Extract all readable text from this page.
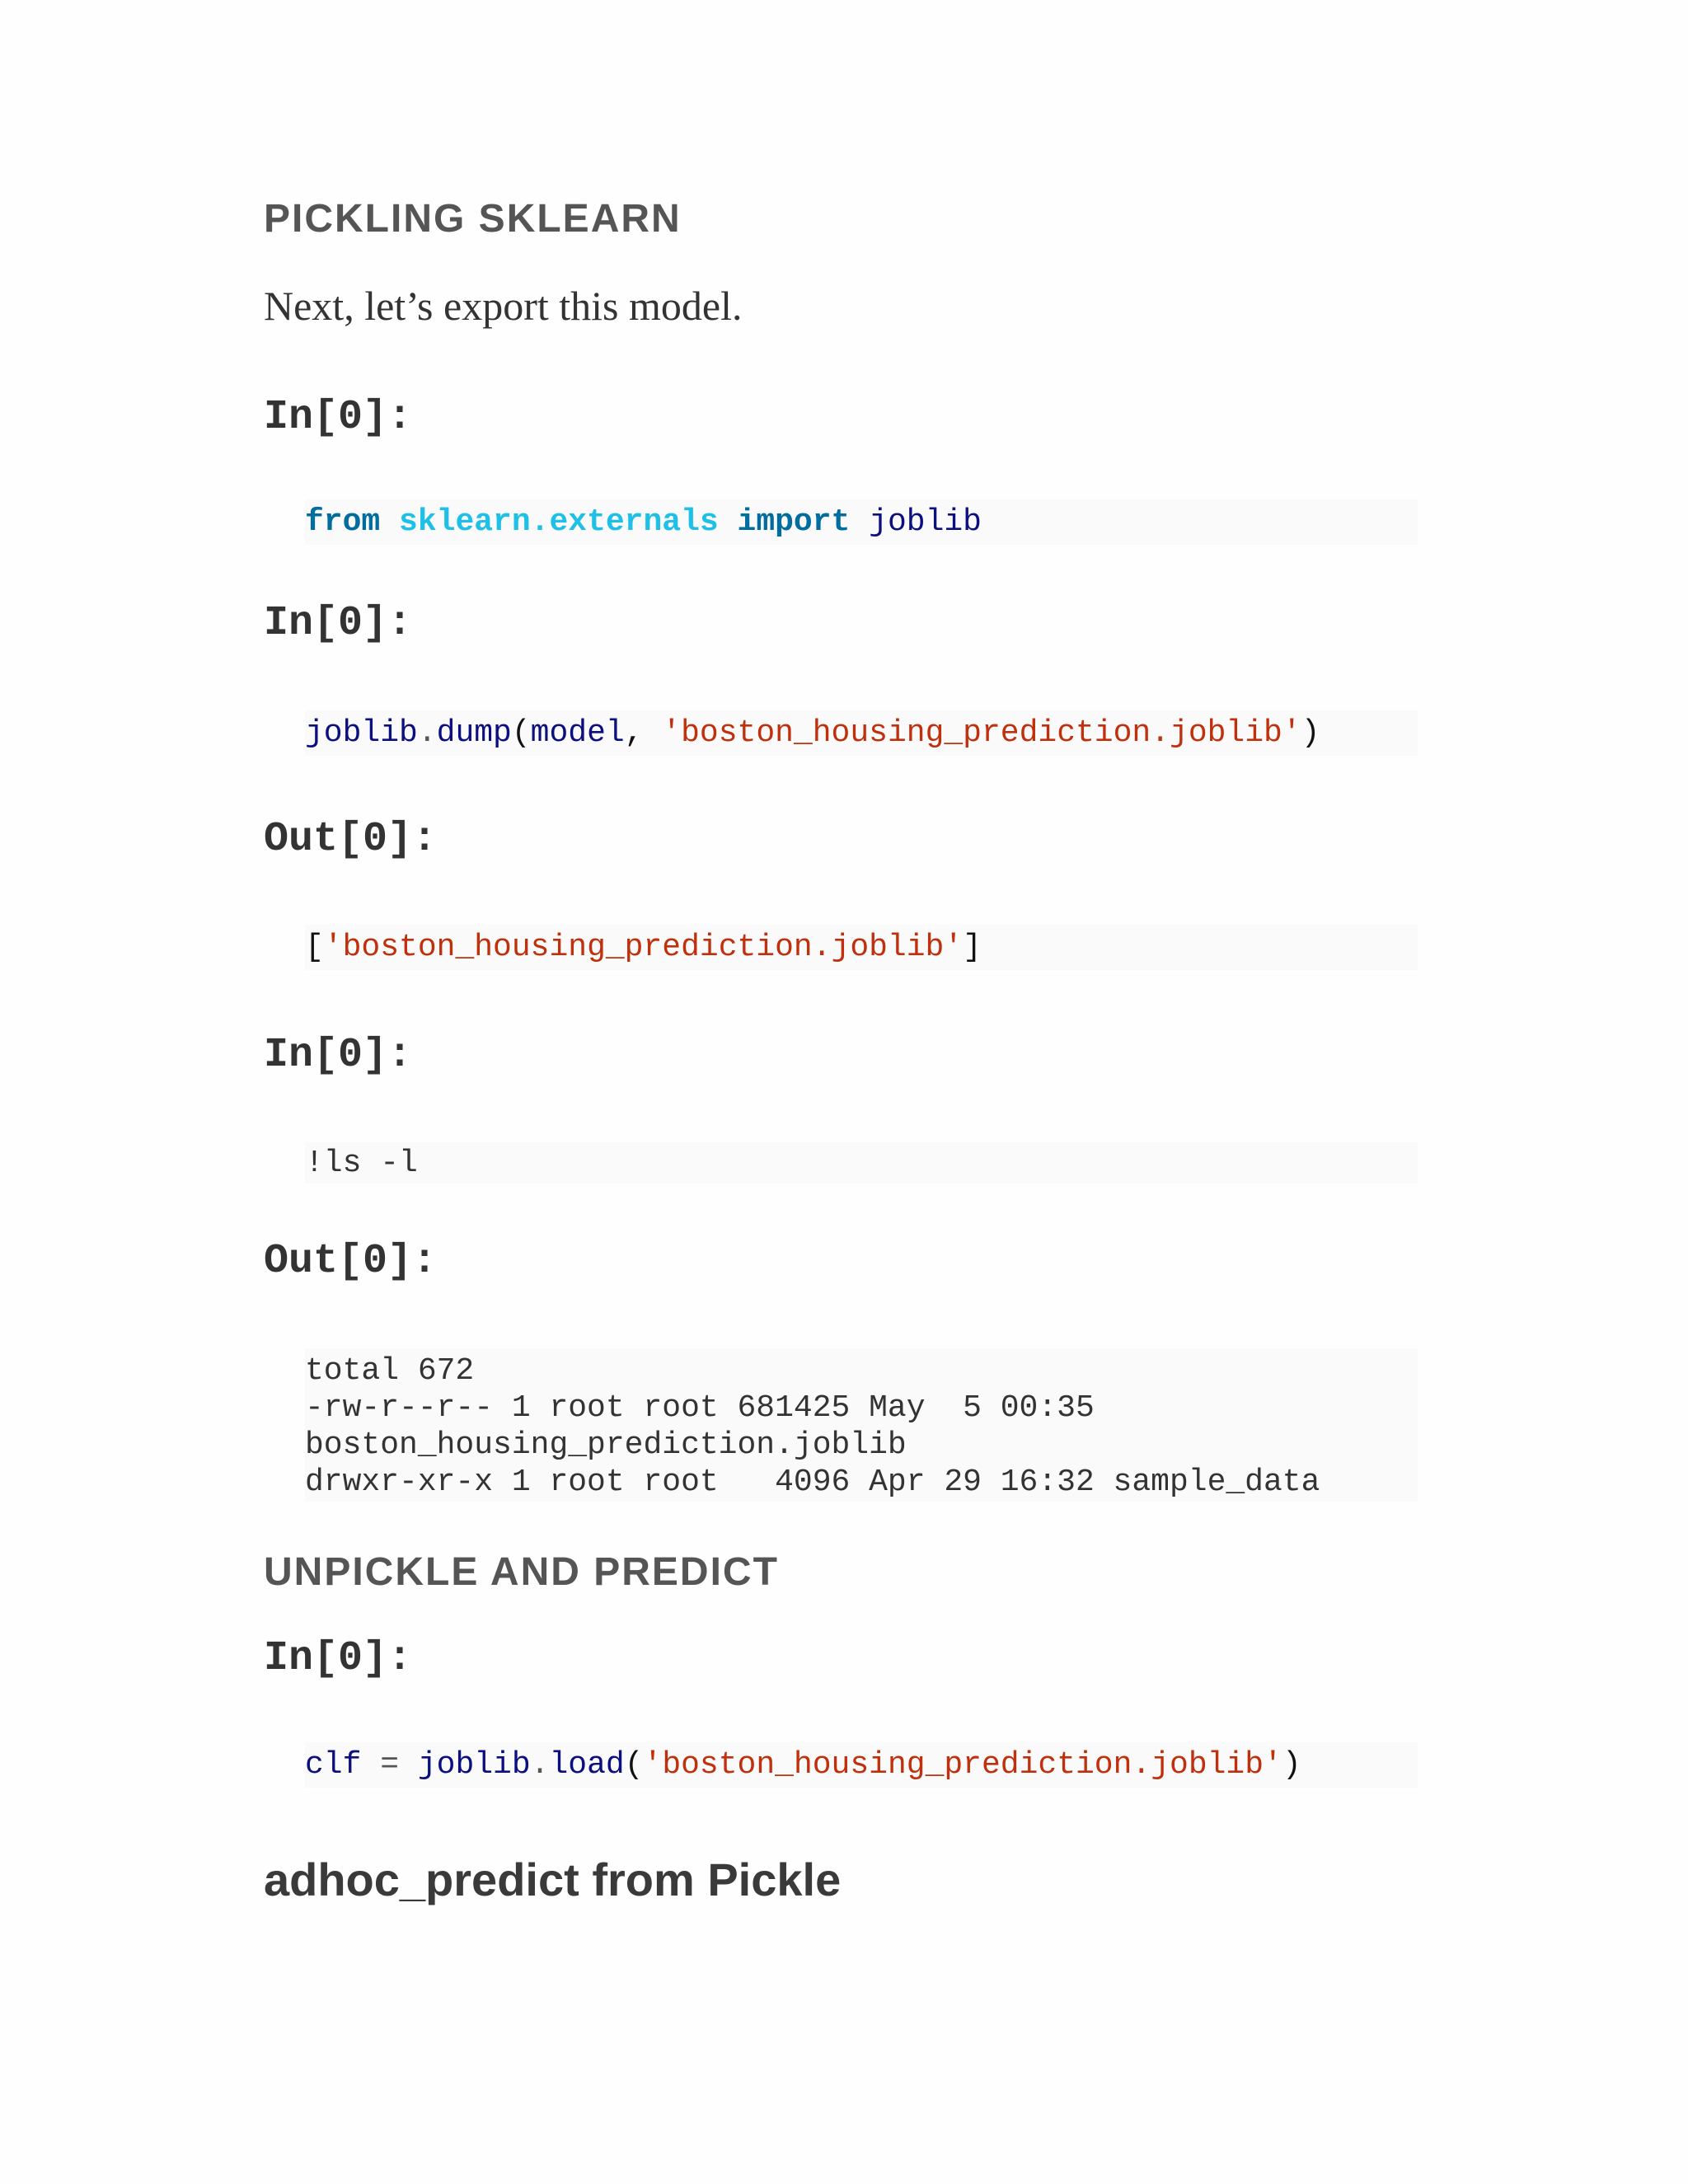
PICKLING SKLEARN

Next, let’s export this model.

In[0]:
from sklearn.externals import joblib
In[0]:
joblib.dump(model, 'boston_housing_prediction.joblib')
Out[0]:
['boston_housing_prediction.joblib']
In[0]:
!ls -l
Out[0]:
total 672
-rw-r--r-- 1 root root 681425 May  5 00:35
boston_housing_prediction.joblib
drwxr-xr-x 1 root root   4096 Apr 29 16:32 sample_data
UNPICKLE AND PREDICT
In[0]:
clf = joblib.load('boston_housing_prediction.joblib')
adhoc_predict from Pickle
